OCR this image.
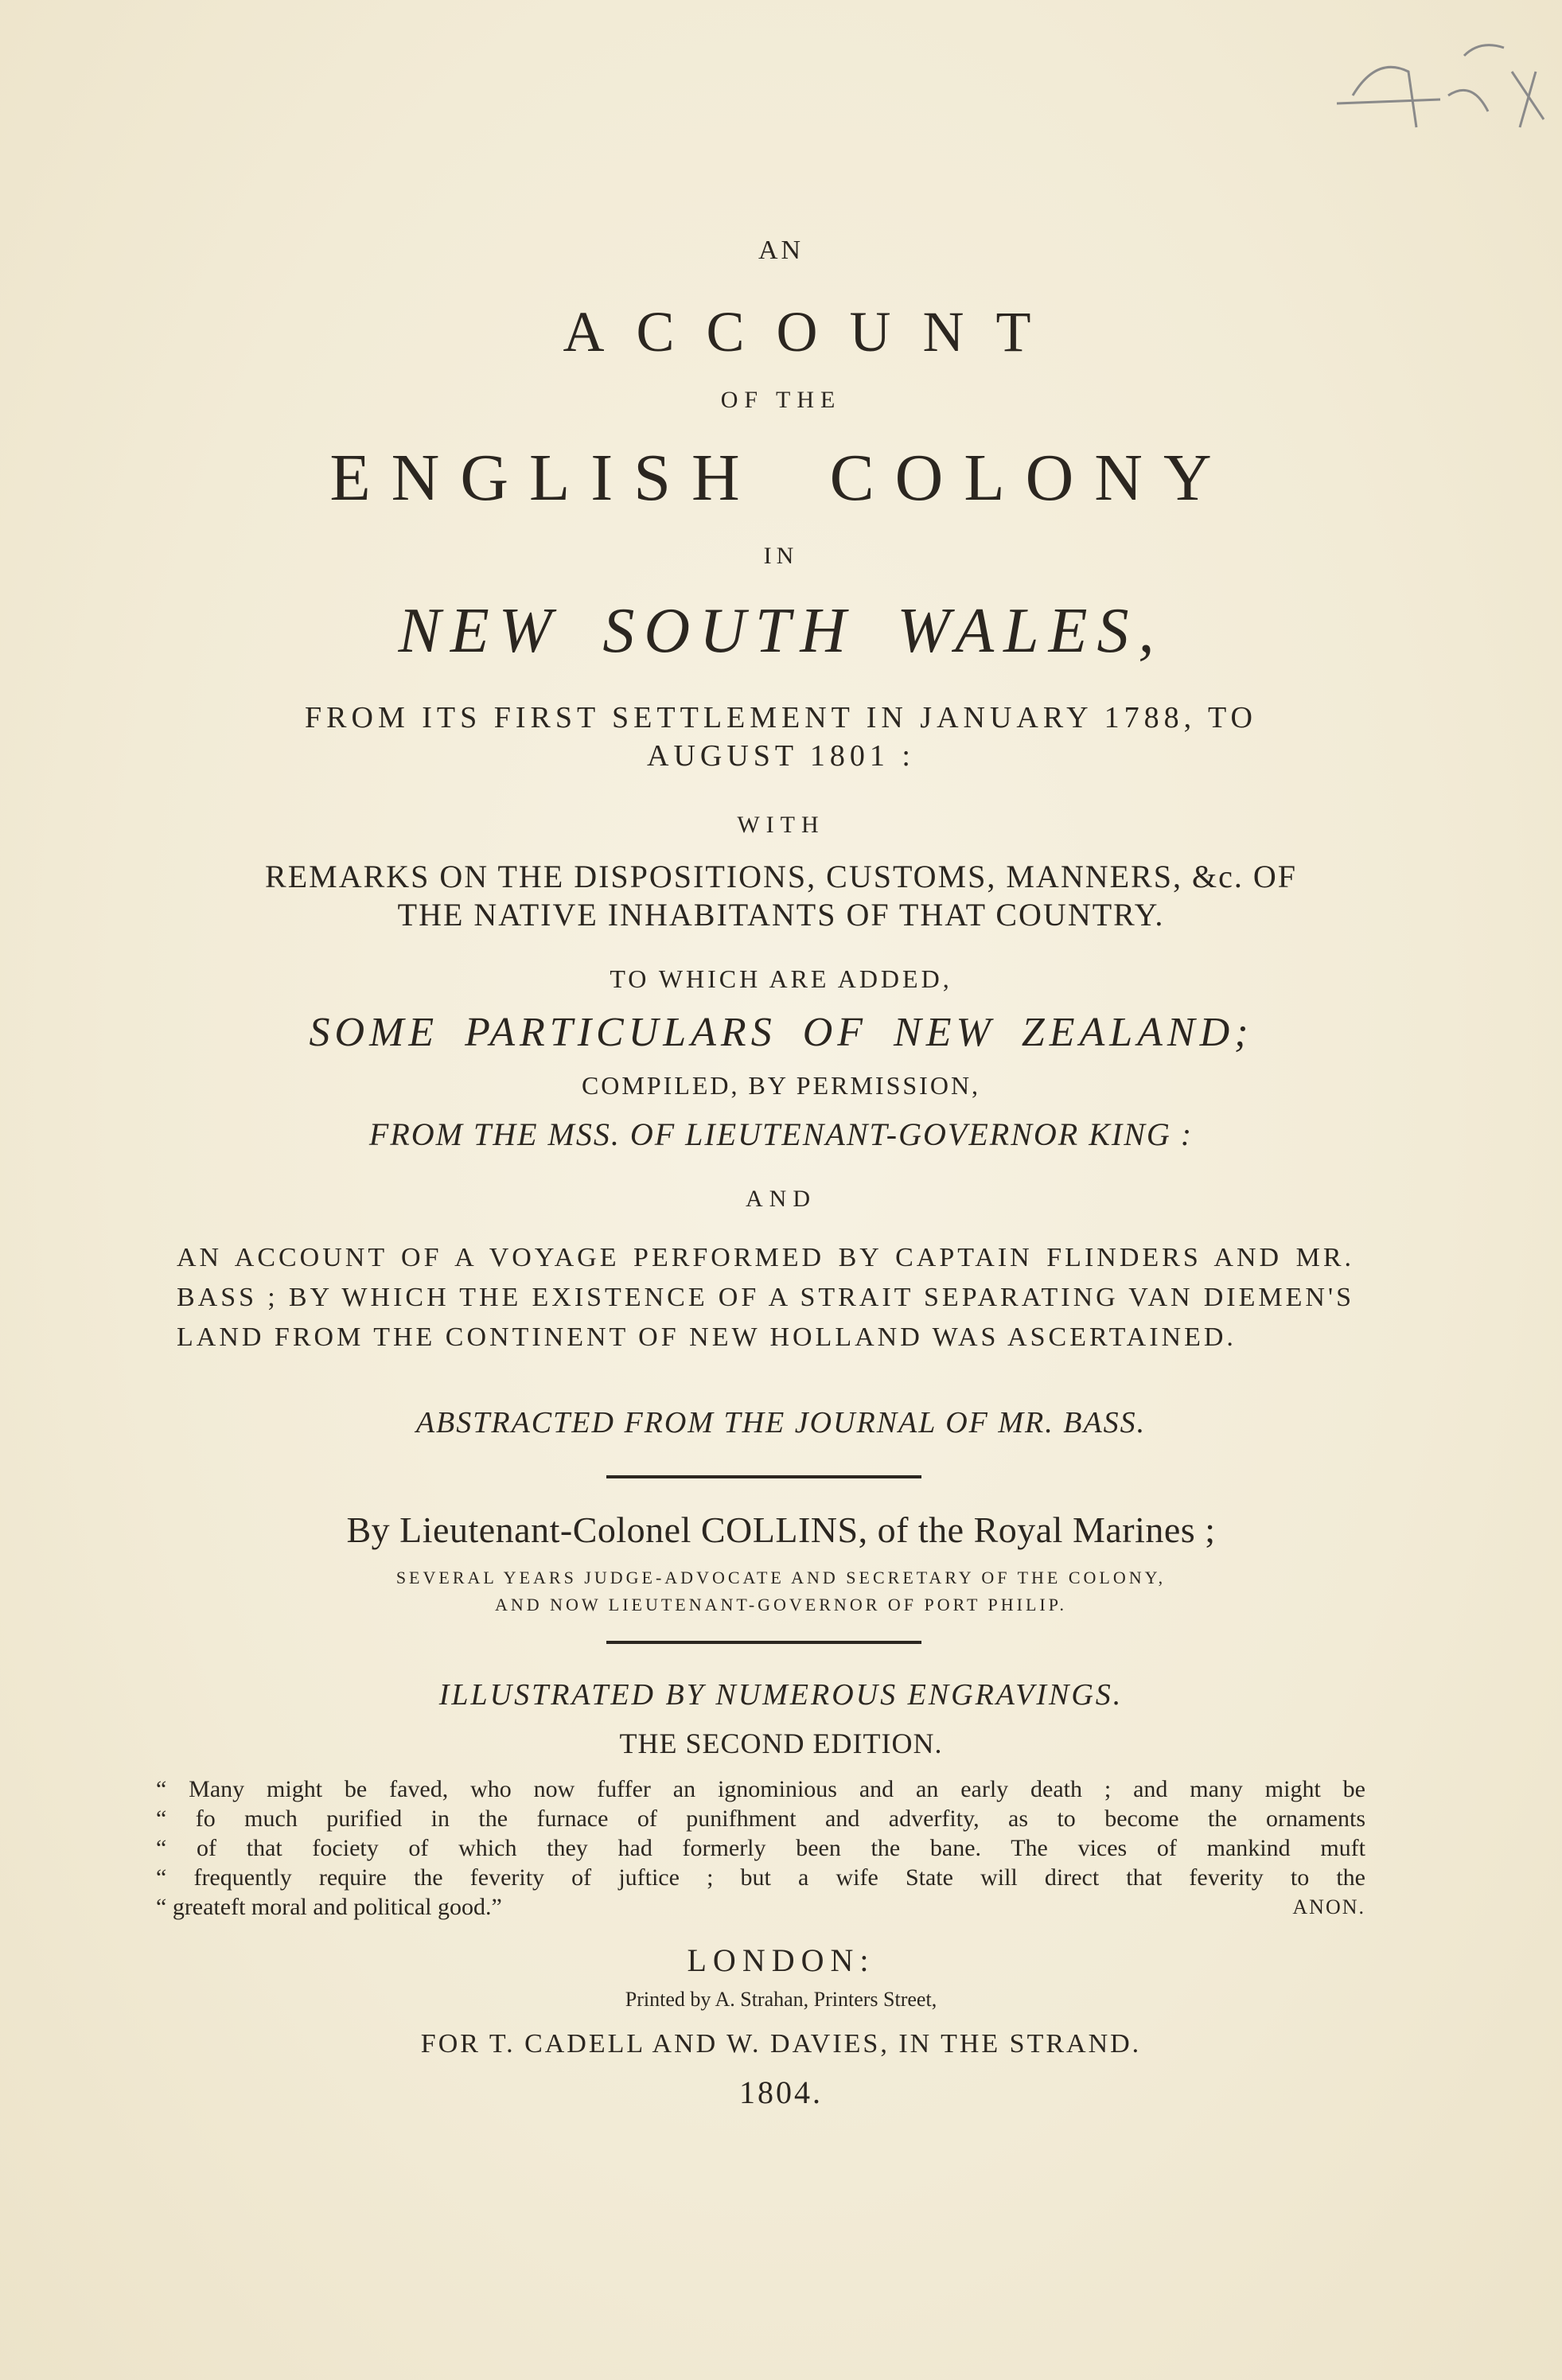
AN
ACCOUNT
OF THE
ENGLISH COLONY
IN
NEW SOUTH WALES,
FROM ITS FIRST SETTLEMENT IN JANUARY 1788, TO
AUGUST 1801 :
WITH
REMARKS ON THE DISPOSITIONS, CUSTOMS, MANNERS, &c. OF
THE NATIVE INHABITANTS OF THAT COUNTRY.
TO WHICH ARE ADDED,
SOME PARTICULARS OF NEW ZEALAND;
COMPILED, BY PERMISSION,
FROM THE MSS. OF LIEUTENANT-GOVERNOR KING :
AND
AN ACCOUNT OF A VOYAGE PERFORMED BY CAPTAIN FLINDERS AND MR. BASS ; BY WHICH THE EXISTENCE OF A STRAIT SEPARATING VAN DIEMEN'S LAND FROM THE CONTINENT OF NEW HOLLAND WAS ASCERTAINED.
ABSTRACTED FROM THE JOURNAL OF MR. BASS.
By Lieutenant-Colonel COLLINS, of the Royal Marines ;
SEVERAL YEARS JUDGE-ADVOCATE AND SECRETARY OF THE COLONY,
AND NOW LIEUTENANT-GOVERNOR OF PORT PHILIP.
ILLUSTRATED BY NUMEROUS ENGRAVINGS.
THE SECOND EDITION.
“ Many might be faved, who now fuffer an ignominious and an early death ; and many might be
“ fo much purified in the furnace of punifhment and adverfity, as to become the ornaments
“ of that fociety of which they had formerly been the bane. The vices of mankind muft
“ frequently require the feverity of juftice ; but a wife State will direct that feverity to the
“ greateft moral and political good.”	ANON.
LONDON:
Printed by A. Strahan, Printers Street,
FOR T. CADELL AND W. DAVIES, IN THE STRAND.
1804.
